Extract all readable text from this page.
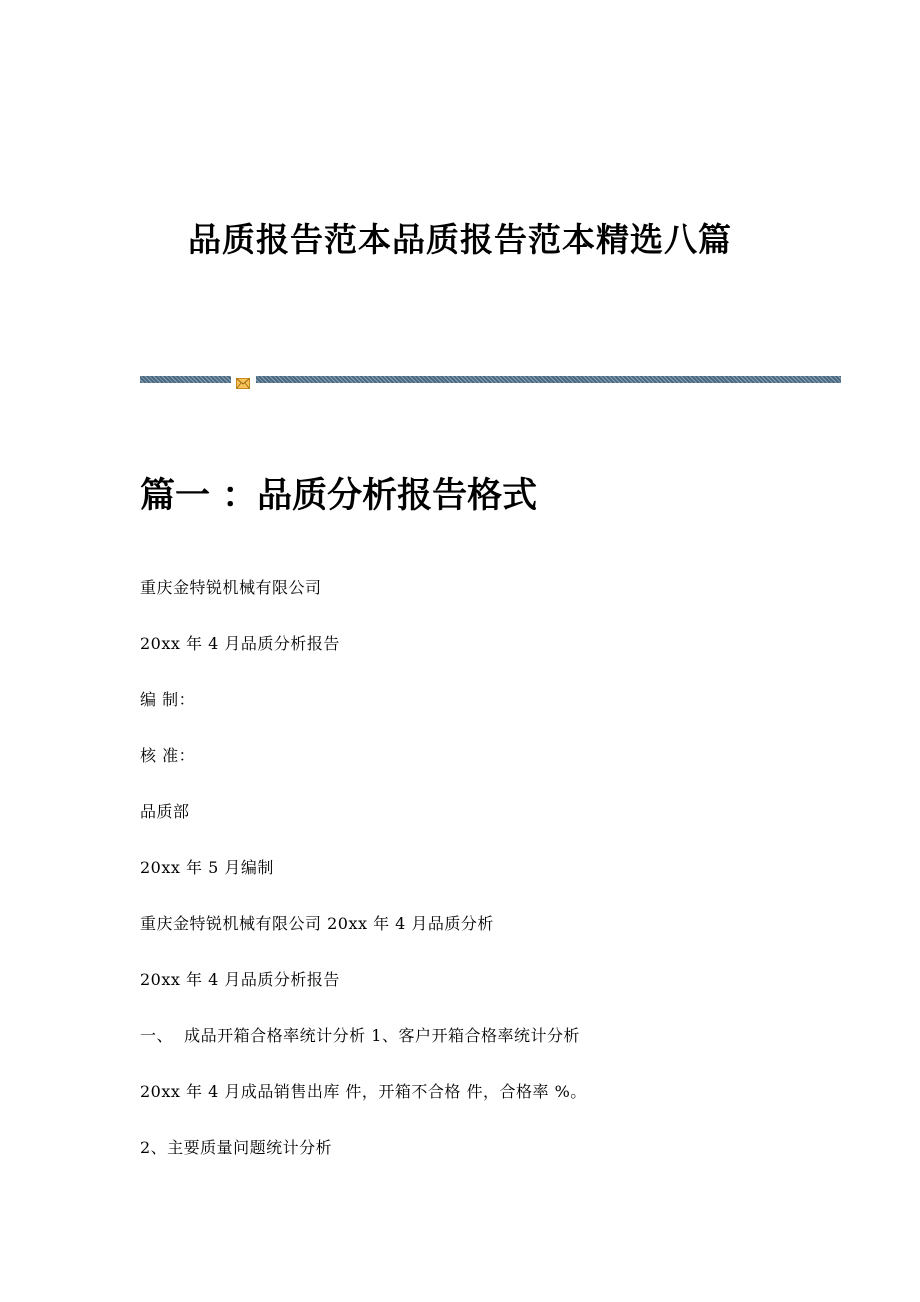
品质报告范本品质报告范本精选八篇
篇一 ：品质分析报告格式
重庆金特锐机械有限公司
20xx 年 4 月品质分析报告
编 制：
核 准：
品质部
20xx 年 5 月编制
重庆金特锐机械有限公司 20xx 年 4 月品质分析
20xx 年 4 月品质分析报告
一、  成品开箱合格率统计分析 1、客户开箱合格率统计分析
20xx 年 4 月成品销售出库 件，开箱不合格 件，合格率 %。
2、主要质量问题统计分析
